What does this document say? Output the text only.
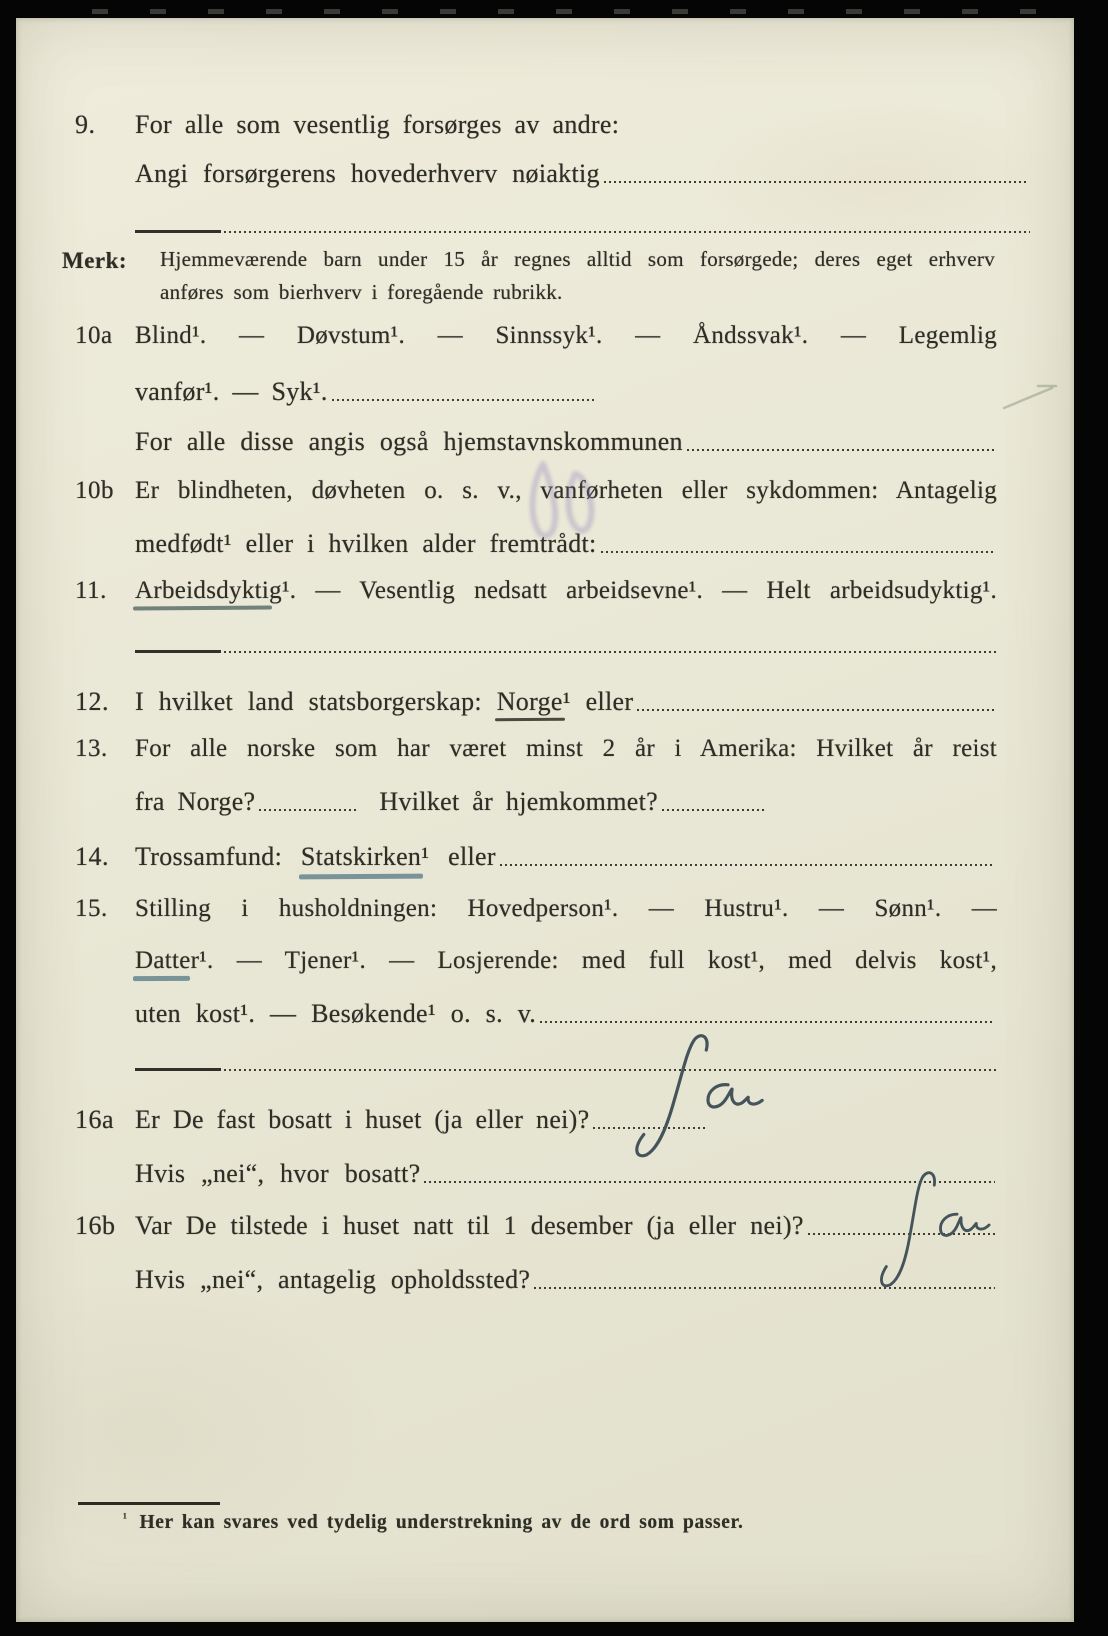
9.	For alle som vesentlig forsørges av andre:
Angi forsørgerens hovederhverv nøiaktig
Merk:	Hjemmeværende barn under 15 år regnes alltid som forsørgede; deres eget erhverv
anføres som bierhverv i foregående rubrikk.
10a Blind¹. — Døvstum¹. — Sinnssyk¹. — Åndssvak¹. — Legemlig
vanfør¹. — Syk¹.
For alle disse angis også hjemstavnskommunen
10b Er blindheten, døvheten o. s. v., vanførheten eller sykdommen: Antagelig
medfødt¹ eller i hvilken alder fremtrådt:
11.	Arbeidsdyktig¹. — Vesentlig nedsatt arbeidsevne¹. — Helt arbeidsudyktig¹.
12.	I hvilket land statsborgerskap: Norge¹ eller
13.	For alle norske som har været minst 2 år i Amerika: Hvilket år reist
fra Norge?	Hvilket år hjemkommet?
14.	Trossamfund: Statskirken¹ eller
15.	Stilling i husholdningen: Hovedperson¹. — Hustru¹. — Sønn¹. —
Datter¹. — Tjener¹. — Losjerende: med full kost¹, med delvis kost¹,
uten kost¹. — Besøkende¹ o. s. v.
16a Er De fast bosatt i huset (ja eller nei)?
Hvis „nei“, hvor bosatt?
16b Var De tilstede i huset natt til 1 desember (ja eller nei)?
Hvis „nei“, antagelig opholdssted?
$^{^1}$ Her kan svares ved tydelig understrekning av de ord som passer.
